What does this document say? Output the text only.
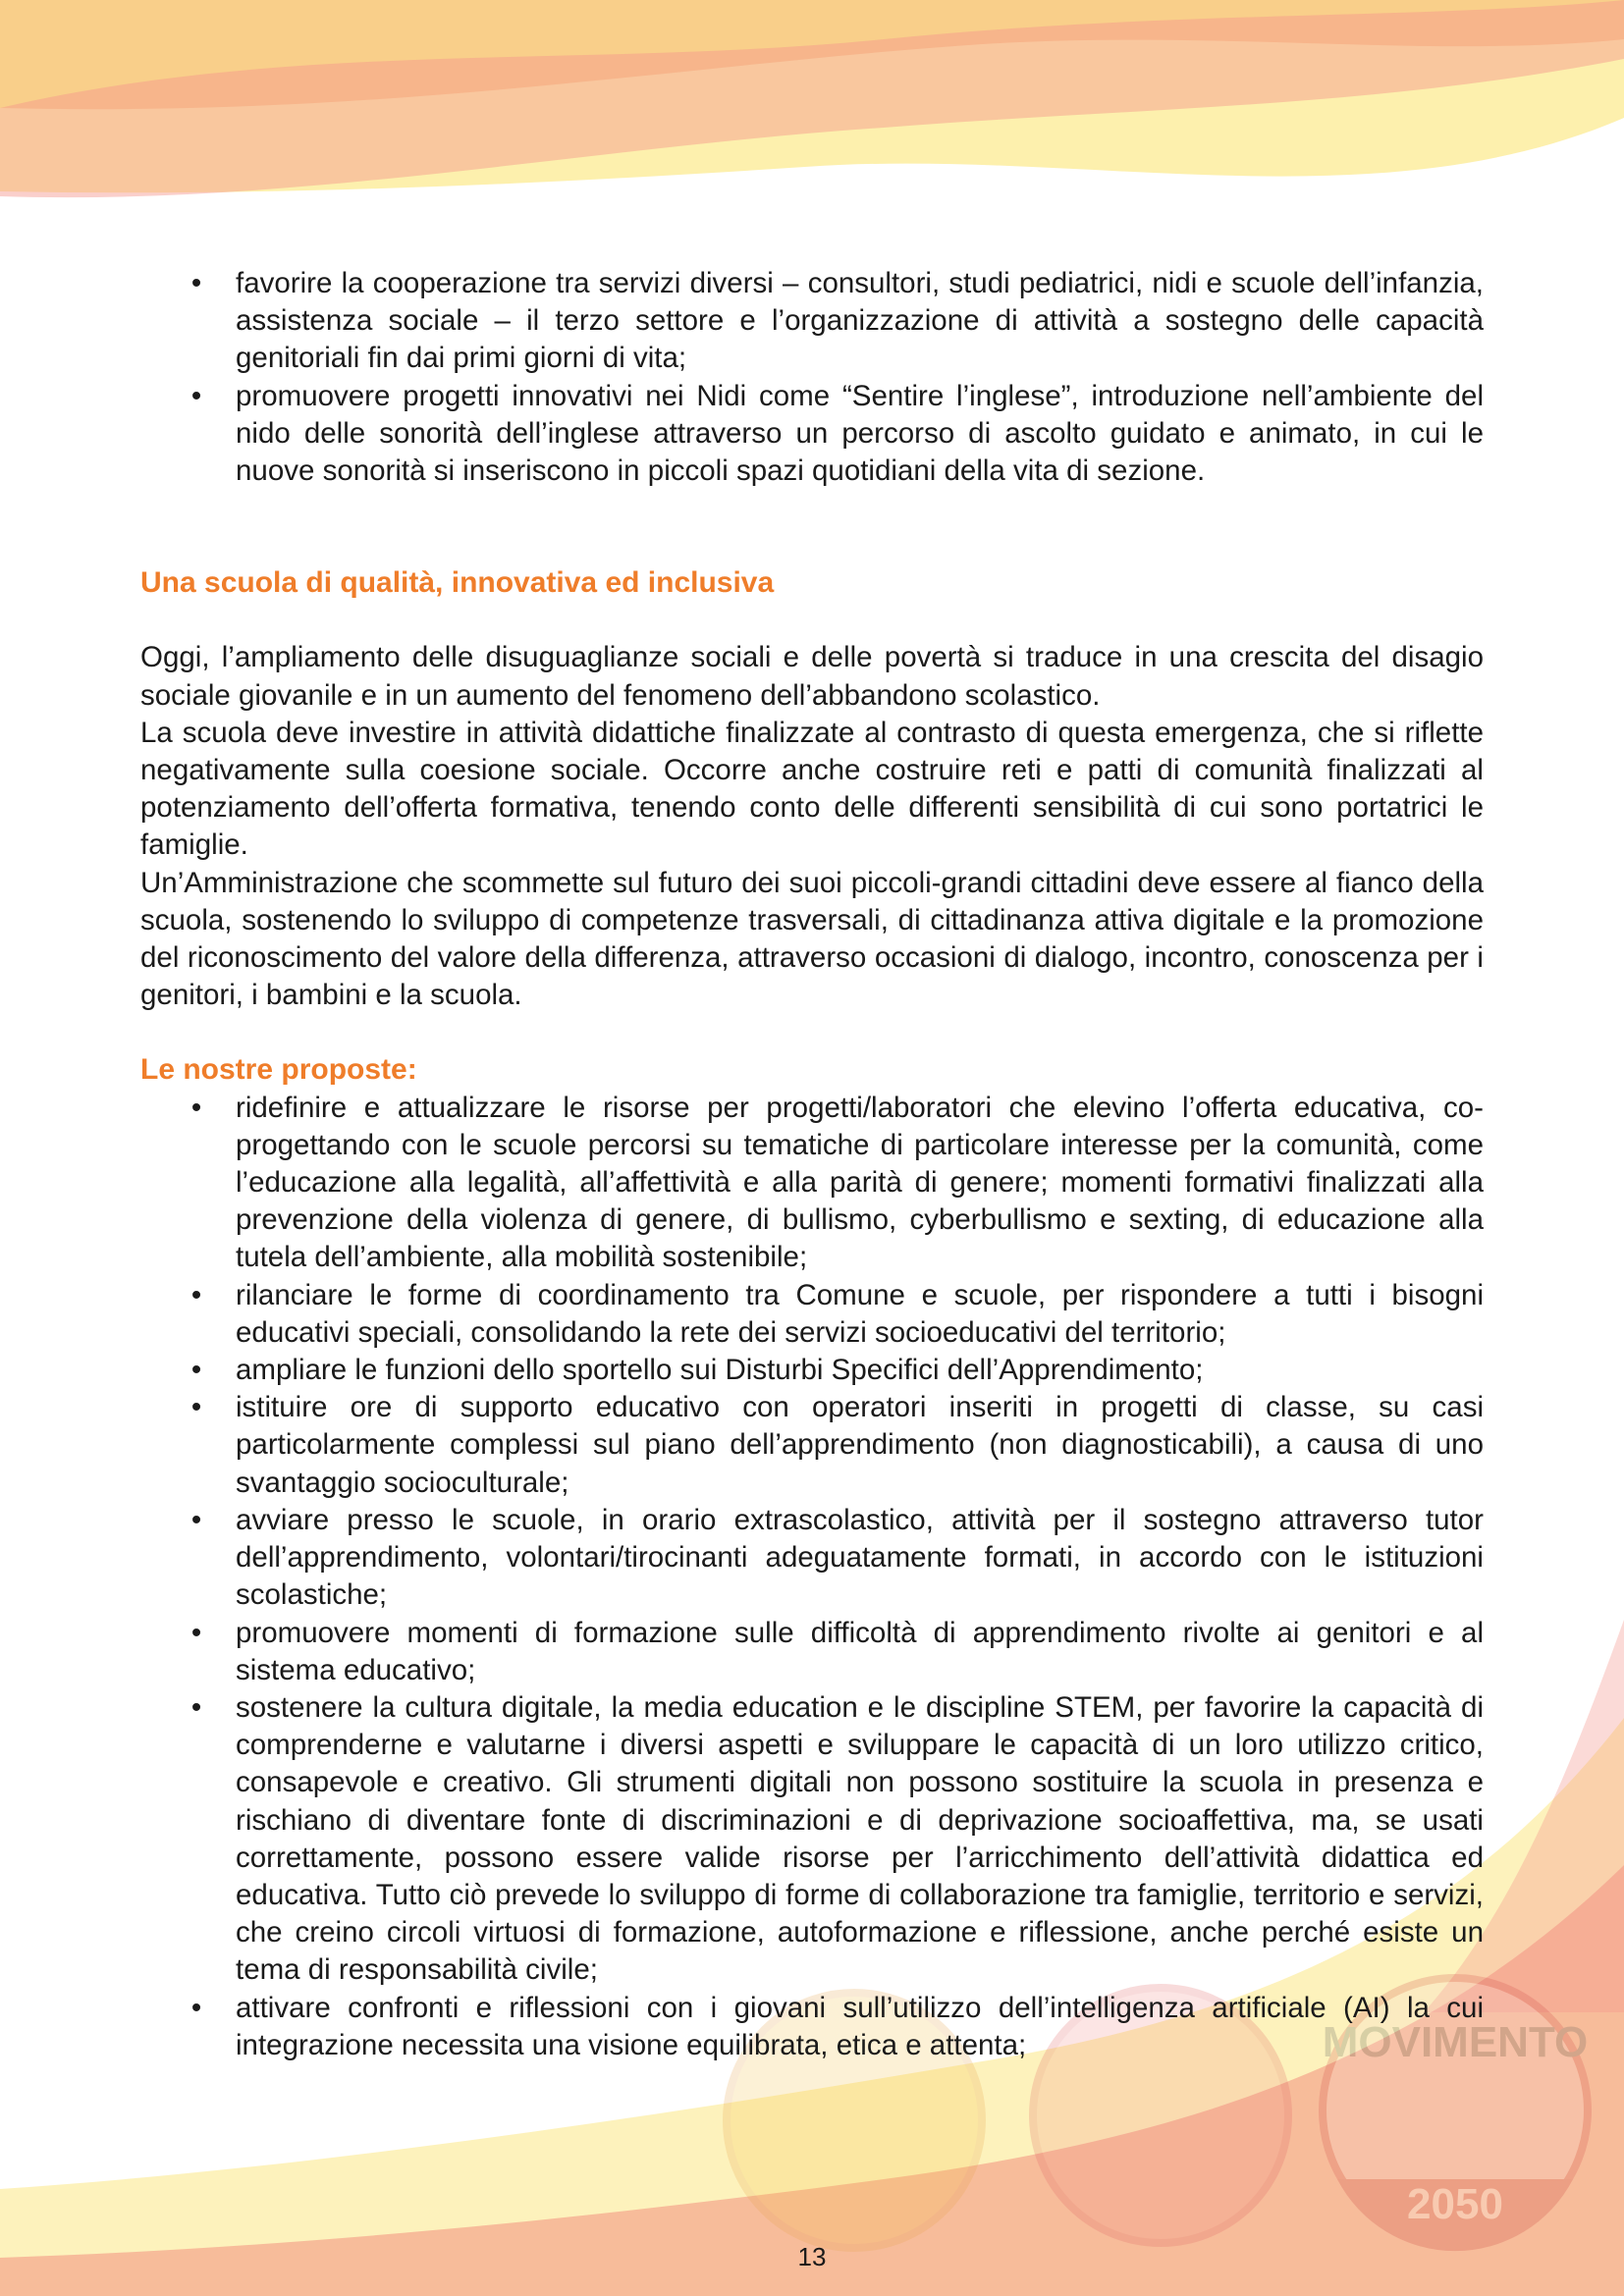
MOVIMENTO
2050
• favorire la cooperazione tra servizi diversi – consultori, studi pediatrici, nidi e scuole dell’infanzia, assistenza sociale – il terzo settore e l’organizzazione di attività a sostegno delle capacità genitoriali fin dai primi giorni di vita;
• promuovere progetti innovativi nei Nidi come “Sentire l’inglese”, introduzione nell’ambiente del nido delle sonorità dell’inglese attraverso un percorso di ascolto guidato e animato, in cui le nuove sonorità si inseriscono in piccoli spazi quotidiani della vita di sezione.

Una scuola di qualità, innovativa ed inclusiva

Oggi, l’ampliamento delle disuguaglianze sociali e delle povertà si traduce in una crescita del disagio sociale giovanile e in un aumento del fenomeno dell’abbandono scolastico.

La scuola deve investire in attività didattiche finalizzate al contrasto di questa emergenza, che si riflette negativamente sulla coesione sociale. Occorre anche costruire reti e patti di comunità finalizzati al potenziamento dell’offerta formativa, tenendo conto delle differenti sensibilità di cui sono portatrici le famiglie.

Un’Amministrazione che scommette sul futuro dei suoi piccoli-grandi cittadini deve essere al fianco della scuola, sostenendo lo sviluppo di competenze trasversali, di cittadinanza attiva digitale e la promozione del riconoscimento del valore della differenza, attraverso occasioni di dialogo, incontro, conoscenza per i genitori, i bambini e la scuola.

Le nostre proposte:

• ridefinire e attualizzare le risorse per progetti/laboratori che elevino l’offerta educativa, co-progettando con le scuole percorsi su tematiche di particolare interesse per la comunità, come l’educazione alla legalità, all’affettività e alla parità di genere; momenti formativi finalizzati alla prevenzione della violenza di genere, di bullismo, cyberbullismo e sexting, di educazione alla tutela dell’ambiente, alla mobilità sostenibile;
• rilanciare le forme di coordinamento tra Comune e scuole, per rispondere a tutti i bisogni educativi speciali, consolidando la rete dei servizi socioeducativi del territorio;
• ampliare le funzioni dello sportello sui Disturbi Specifici dell’Apprendimento;
• istituire ore di supporto educativo con operatori inseriti in progetti di classe, su casi particolarmente complessi sul piano dell’apprendimento (non diagnosticabili), a causa di uno svantaggio socioculturale;
• avviare presso le scuole, in orario extrascolastico, attività per il sostegno attraverso tutor dell’apprendimento, volontari/tirocinanti adeguatamente formati, in accordo con le istituzioni scolastiche;
• promuovere momenti di formazione sulle difficoltà di apprendimento rivolte ai genitori e al sistema educativo;
• sostenere la cultura digitale, la media education e le discipline STEM, per favorire la capacità di comprenderne e valutarne i diversi aspetti e sviluppare le capacità di un loro utilizzo critico, consapevole e creativo. Gli strumenti digitali non possono sostituire la scuola in presenza e rischiano di diventare fonte di discriminazioni e di deprivazione socioaffettiva, ma, se usati correttamente, possono essere valide risorse per l’arricchimento dell’attività didattica ed educativa. Tutto ciò prevede lo sviluppo di forme di collaborazione tra famiglie, territorio e servizi, che creino circoli virtuosi di formazione, autoformazione e riflessione, anche perché esiste un tema di responsabilità civile;
• attivare confronti e riflessioni con i giovani sull’utilizzo dell’intelligenza artificiale (AI) la cui integrazione necessita una visione equilibrata, etica e attenta;
13
